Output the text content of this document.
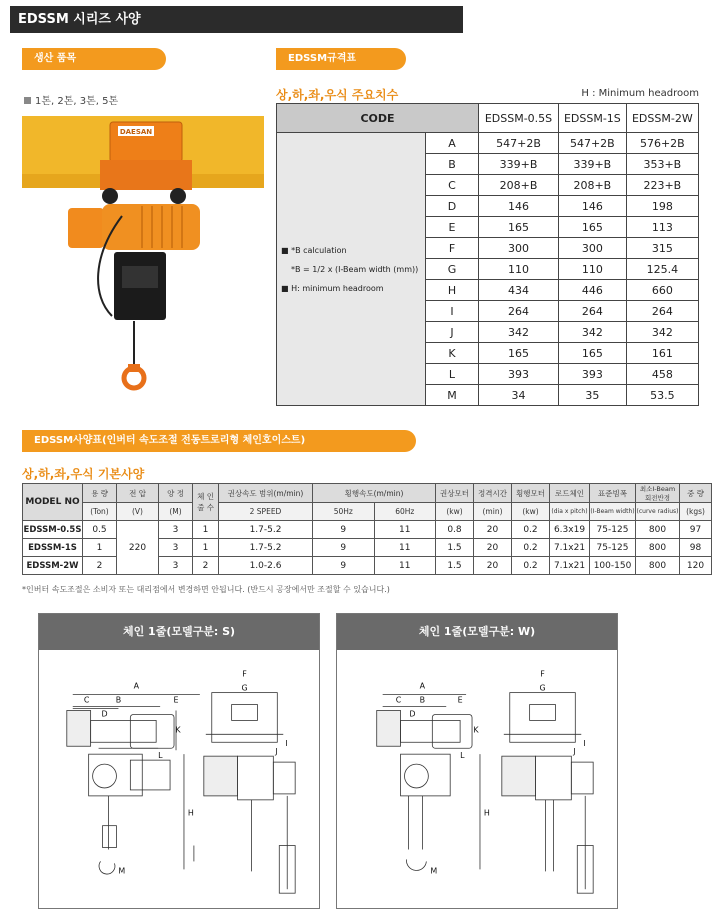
EDSSM 시리즈 사양
생산 품목
1톤, 2톤, 3톤, 5톤
DAESAN
EDSSM규격표
상,하,좌,우식 주요치수	H : Minimum headroom
CODE		EDSSM-0.5S	EDSSM-1S	EDSSM-2W

■ *B calculation
*B = 1/2 x (I-Beam width (mm))
■ H: minimum headroom	A	547+2B	547+2B	576+2B
	B	339+B	339+B	353+B
	C	208+B	208+B	223+B
	D	146	146	198
	E	165	165	113
	F	300	300	315
	G	110	110	125.4
	H	434	446	660
	I	264	264	264
	J	342	342	342
	K	165	165	161
	L	393	393	458
	M	34	35	53.5
EDSSM사양표(인버터 속도조절 전동트로리형 체인호이스트)
상,하,좌,우식 기본사양
MODEL NO	용 량	전 압	양 정	체 인 줄 수	권상속도 범위(m/min)	횡행속도(m/min)		권상모터	정격시간	횡행모터	로드체인	표준빔폭	최소I-Beam 회전반경	중 량
	(Ton)	(V)	(M)		2 SPEED	50Hz	60Hz	(kw)	(min)	(kw)	(dia x pitch)	(I-Beam width)	(curve radius)	(kgs)
EDSSM-0.5S	0.5	220	3	1	1.7-5.2	9	11	0.8	20	0.2	6.3x19	75-125	800	97
EDSSM-1S	1		3	1	1.7-5.2	9	11	1.5	20	0.2	7.1x21	75-125	800	98
EDSSM-2W	2		3	2	1.0-2.6	9	11	1.5	20	0.2	7.1x21	100-150	800	120
*인버터 속도조절은 소비자 또는 대리점에서 변경하면 안됩니다. (반드시 공장에서만 조절할 수 있습니다.)
체인 1줄(모델구분: S)
A
B
C
D
E
K
H
L
M
F
G
J
I
체인 1줄(모델구분: W)
A
B
C
D
E
K
H
L
M
F
G
J
I
